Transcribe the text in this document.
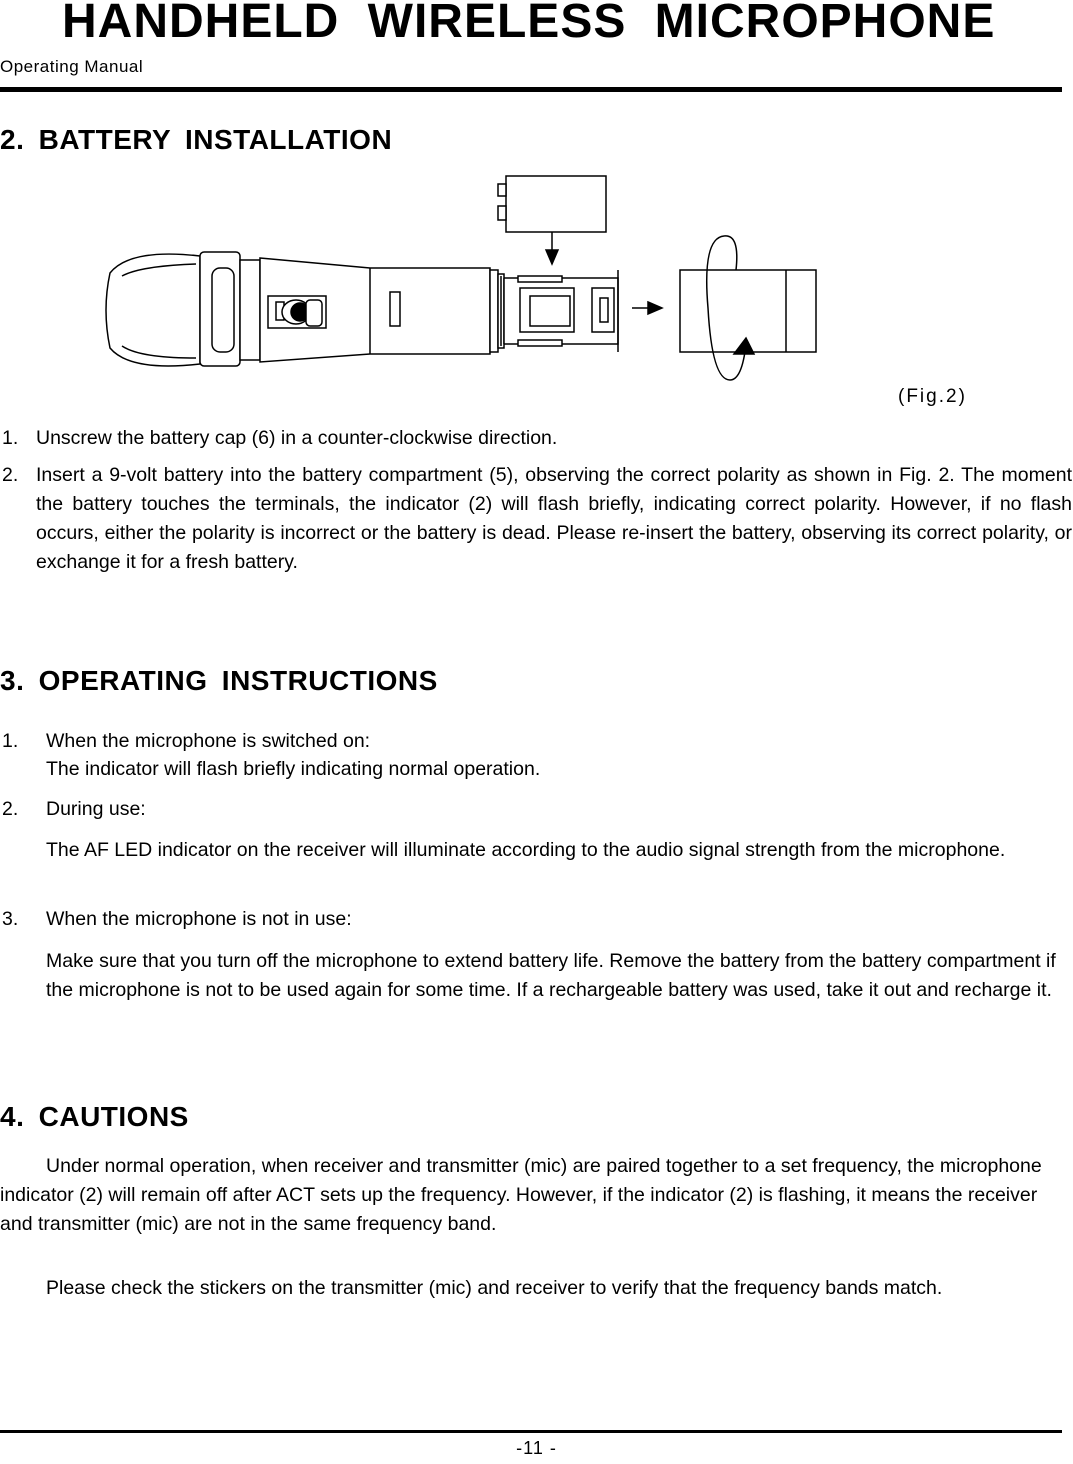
HANDHELD WIRELESS MICROPHONE

Operating Manual

2. BATTERY INSTALLATION
(Fig.2)
1. Unscrew the battery cap (6) in a counter-clockwise direction.

2. Insert a 9-volt battery into the battery compartment (5), observing the correct polarity as shown in Fig. 2. The moment the battery touches the terminals, the indicator (2) will flash briefly, indicating correct polarity. However, if no flash occurs, either the polarity is incorrect or the battery is dead. Please re-insert the battery, observing its correct polarity, or exchange it for a fresh battery.

3. OPERATING INSTRUCTIONS
1. When the microphone is switched on:

The indicator will flash briefly indicating normal operation.

2. During use:

The AF LED indicator on the receiver will illuminate according to the audio signal strength from the microphone.

3. When the microphone is not in use:

Make sure that you turn off the microphone to extend battery life. Remove the battery from the battery compartment if the microphone is not to be used again for some time. If a rechargeable battery was used, take it out and recharge it.

4. CAUTIONS

Under normal operation, when receiver and transmitter (mic) are paired together to a set frequency, the microphone indicator (2) will remain off after ACT sets up the frequency. However, if the indicator (2) is flashing, it means the receiver and transmitter (mic) are not in the same frequency band.

Please check the stickers on the transmitter (mic) and receiver to verify that the frequency bands match.

-11 -
